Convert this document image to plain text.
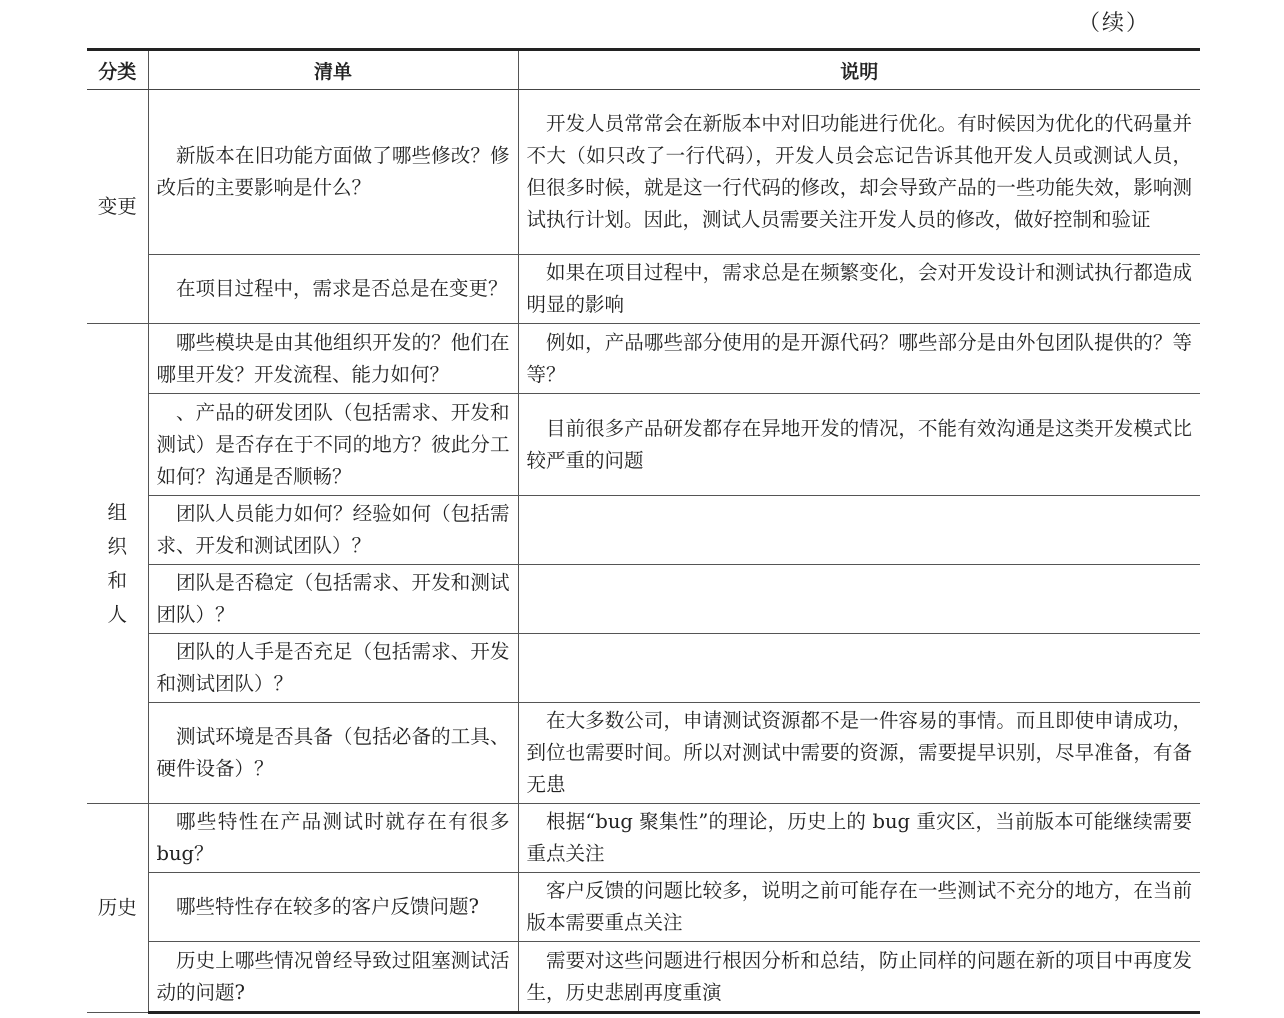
（续）
分类	清单	说明
变更	新版本在旧功能方面做了哪些修改？修改后的主要影响是什么？	开发人员常常会在新版本中对旧功能进行优化。有时候因为优化的代码量并不大（如只改了一行代码），开发人员会忘记告诉其他开发人员或测试人员，但很多时候，就是这一行代码的修改，却会导致产品的一些功能失效，影响测试执行计划。因此，测试人员需要关注开发人员的修改，做好控制和验证
	在项目过程中，需求是否总是在变更？	如果在项目过程中，需求总是在频繁变化，会对开发设计和测试执行都造成明显的影响
组织和人	哪些模块是由其他组织开发的？他们在哪里开发？开发流程、能力如何？	例如，产品哪些部分使用的是开源代码？哪些部分是由外包团队提供的？等等？
	、产品的研发团队（包括需求、开发和测试）是否存在于不同的地方？彼此分工如何？沟通是否顺畅？	目前很多产品研发都存在异地开发的情况，不能有效沟通是这类开发模式比较严重的问题
	团队人员能力如何？经验如何（包括需求、开发和测试团队）？	
	团队是否稳定（包括需求、开发和测试团队）？	
	团队的人手是否充足（包括需求、开发和测试团队）？	
	测试环境是否具备（包括必备的工具、硬件设备）？	在大多数公司，申请测试资源都不是一件容易的事情。而且即使申请成功，到位也需要时间。所以对测试中需要的资源，需要提早识别，尽早准备，有备无患
历史	哪些特性在产品测试时就存在有很多 bug？	根据“bug 聚集性”的理论，历史上的 bug 重灾区，当前版本可能继续需要重点关注
	哪些特性存在较多的客户反馈问题?	客户反馈的问题比较多，说明之前可能存在一些测试不充分的地方，在当前版本需要重点关注
	历史上哪些情况曾经导致过阻塞测试活动的问题?	需要对这些问题进行根因分析和总结，防止同样的问题在新的项目中再度发生，历史悲剧再度重演
